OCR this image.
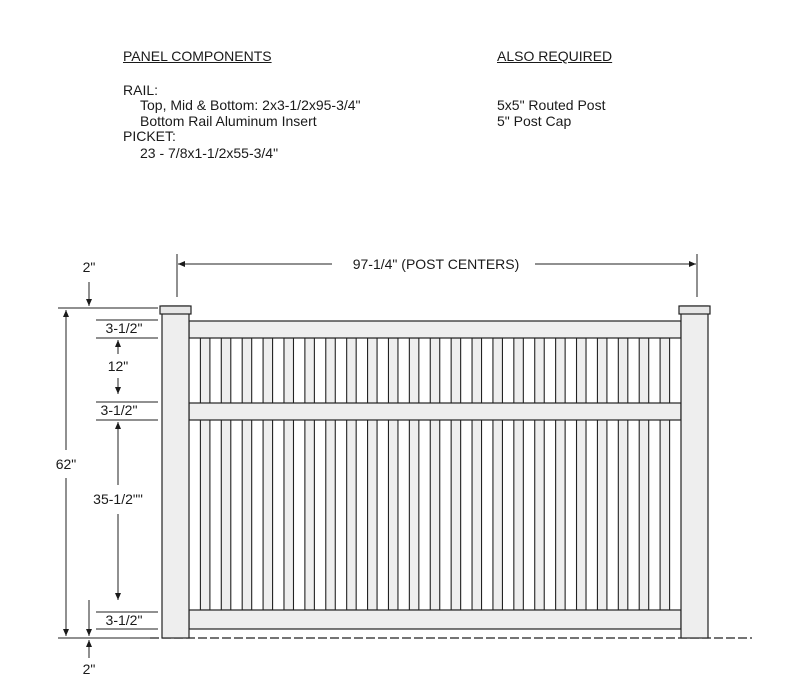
PANEL COMPONENTS
RAIL:
Top, Mid & Bottom: 2x3-1/2x95-3/4"
Bottom Rail Aluminum Insert
PICKET:
23 - 7/8x1-1/2x55-3/4"
ALSO REQUIRED
5x5" Routed Post
5" Post Cap
97-1/4" (POST CENTERS)
62"
2"
3-1/2"
12"
3-1/2"
35-1/2""
3-1/2"
2"
